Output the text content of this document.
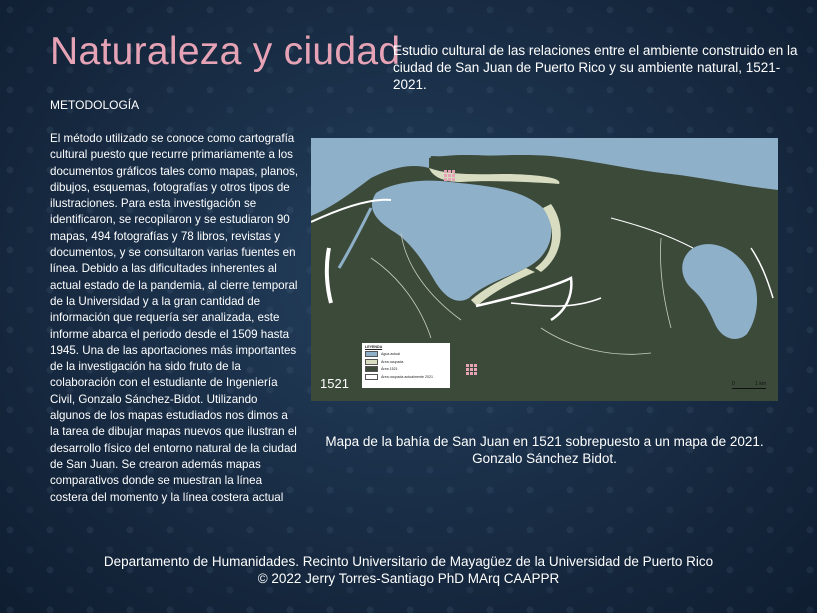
Naturaleza y ciudad

Estudio cultural de las relaciones entre el ambiente construido en la ciudad de San Juan de Puerto Rico y su ambiente natural, 1521-2021.

METODOLOGÍA

El método utilizado se conoce como cartografía cultural puesto que recurre primariamente a los documentos gráficos tales como mapas, planos, dibujos, esquemas, fotografías y otros tipos de ilustraciones. Para esta investigación se identificaron, se recopilaron y se estudiaron 90 mapas, 494 fotografías y 78 libros, revistas y documentos, y se consultaron varias fuentes en línea. Debido a las dificultades inherentes al actual estado de la pandemia, al cierre temporal de la Universidad y a la gran cantidad de información que requería ser analizada, este informe abarca el periodo desde el 1509 hasta 1945. Una de las aportaciones más importantes de la investigación ha sido fruto de la colaboración con el estudiante de Ingeniería Civil, Gonzalo Sánchez-Bidot. Utilizando algunos de los mapas estudiados nos dimos a la tarea de dibujar mapas nuevos que ilustran el desarrollo físico del entorno natural de la ciudad de San Juan. Se crearon además mapas comparativos donde se muestran la línea costera del momento y la línea costera actual

1521
LEYENDA
Agua actual
Área ocupada
Área 1521
Área ocupada actualmente 2021
0	1 km

Mapa de la bahía de San Juan en 1521 sobrepuesto a un mapa de 2021. Gonzalo Sánchez Bidot.

Departamento de Humanidades. Recinto Universitario de Mayagüez de la Universidad de Puerto Rico
© 2022 Jerry Torres-Santiago PhD MArq CAAPPR
